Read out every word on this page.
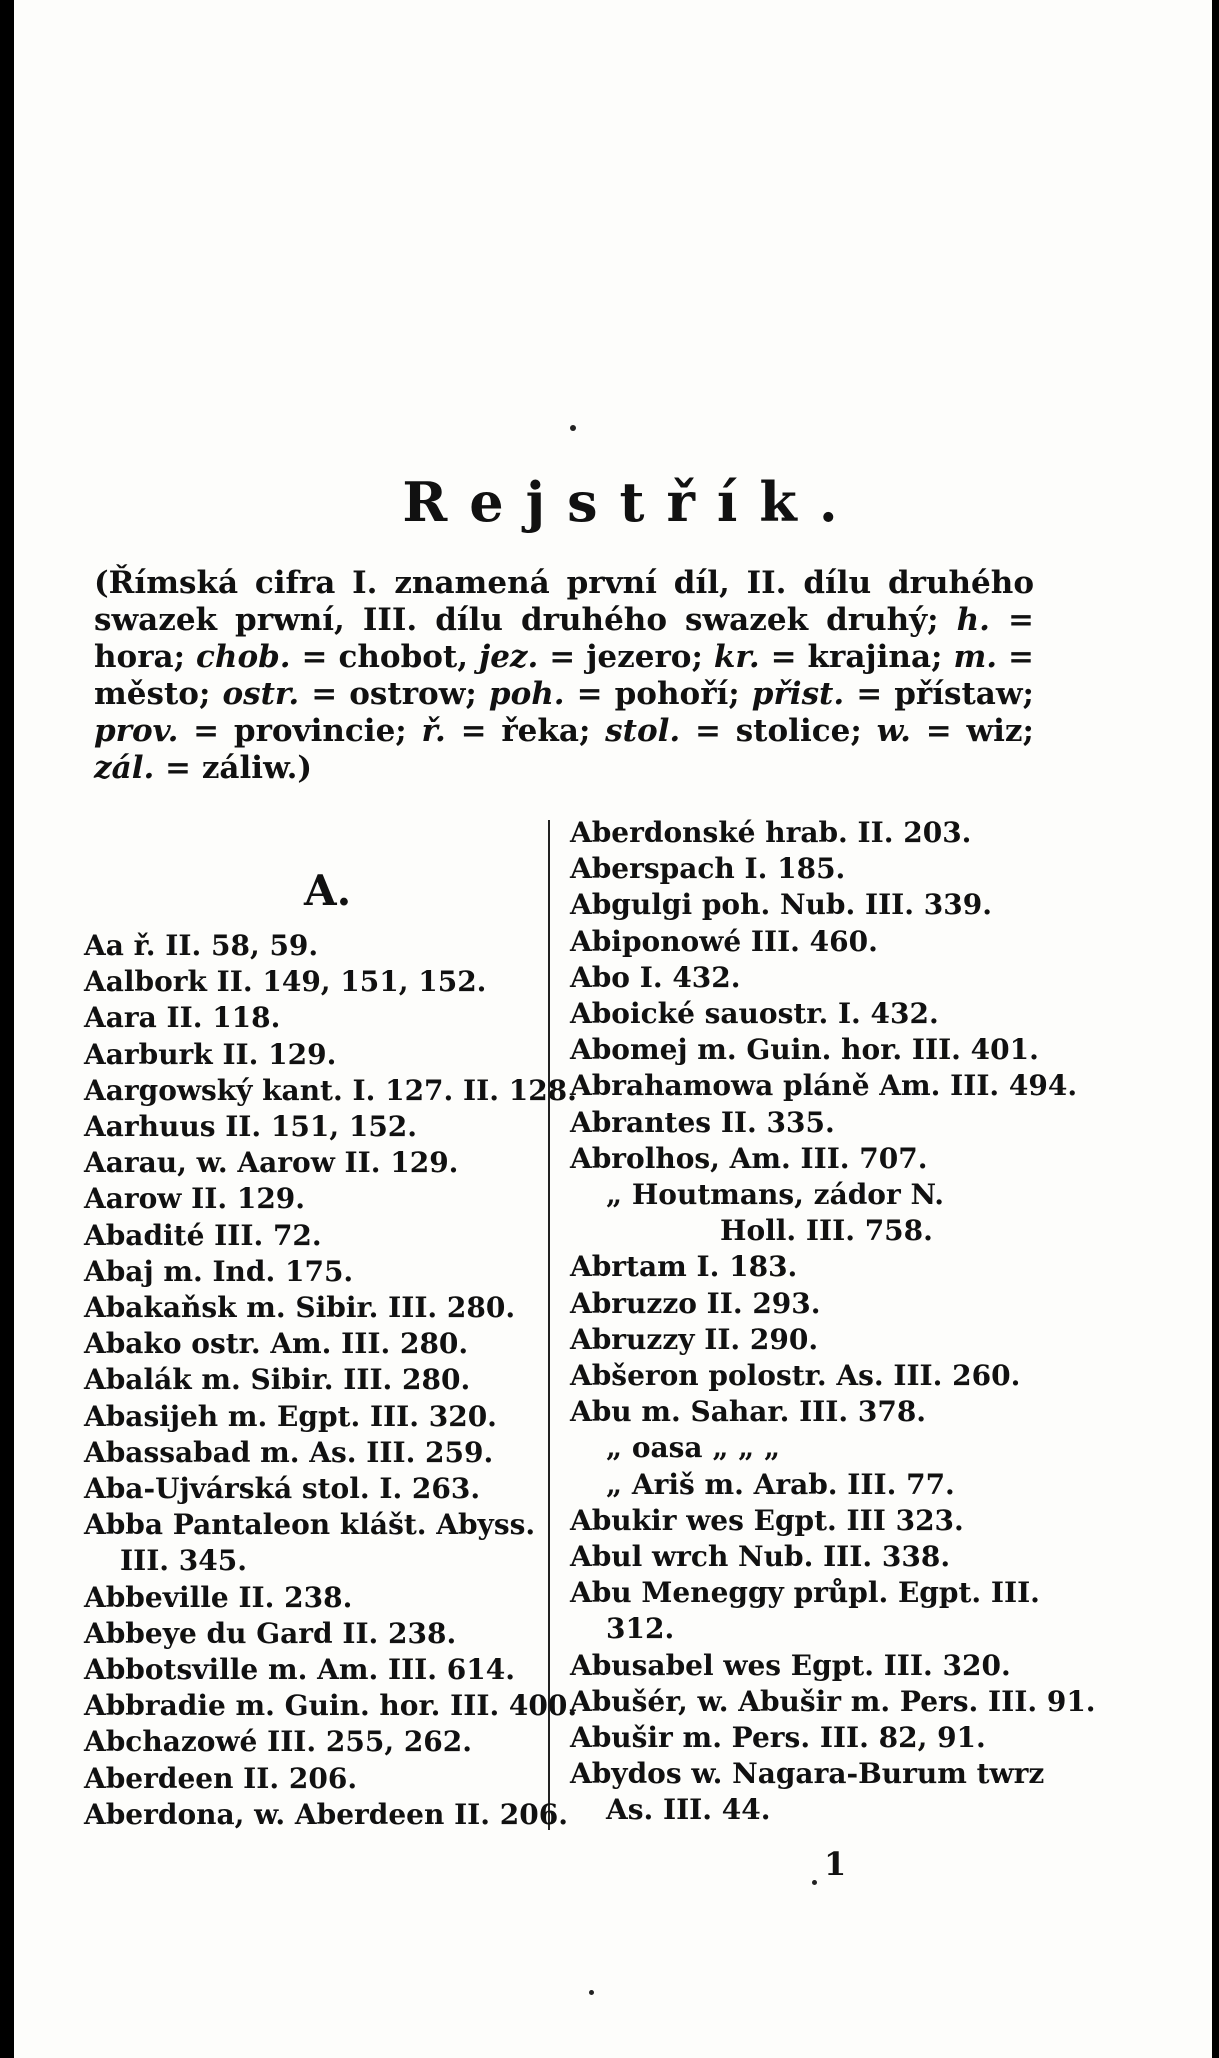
Rejstřík.
(Římská cifra I. znamená první díl, II. dílu druhého swazek prwní, III. dílu druhého swazek druhý; h. = hora; chob. = chobot, jez. = jezero; kr. = krajina; m. = město; ostr. = ostrow; poh. = pohoří; přist. = přístaw; prov. = provincie; ř. = řeka; stol. = stolice; w. = wiz; zál. = záliw.)
A.
Aa ř. II. 58, 59.
Aalbork II. 149, 151, 152.
Aara II. 118.
Aarburk II. 129.
Aargowský kant. I. 127. II. 128.
Aarhuus II. 151, 152.
Aarau, w. Aarow II. 129.
Aarow II. 129.
Abadité III. 72.
Abaj m. Ind. 175.
Abakaňsk m. Sibir. III. 280.
Abako ostr. Am. III. 280.
Abalák m. Sibir. III. 280.
Abasijeh m. Egpt. III. 320.
Abassabad m. As. III. 259.
Aba-Ujvárská stol. I. 263.
Abba Pantaleon klášt. Abyss.
III. 345.
Abbeville II. 238.
Abbeye du Gard II. 238.
Abbotsville m. Am. III. 614.
Abbradie m. Guin. hor. III. 400.
Abchazowé III. 255, 262.
Aberdeen II. 206.
Aberdona, w. Aberdeen II. 206.
Aberdonské hrab. II. 203.
Aberspach I. 185.
Abgulgi poh. Nub. III. 339.
Abiponowé III. 460.
Abo I. 432.
Aboické sauostr. I. 432.
Abomej m. Guin. hor. III. 401.
Abrahamowa pláně Am. III. 494.
Abrantes II. 335.
Abrolhos, Am. III. 707.
„ Houtmans, zádor N.
Holl. III. 758.
Abrtam I. 183.
Abruzzo II. 293.
Abruzzy II. 290.
Abšeron polostr. As. III. 260.
Abu m. Sahar. III. 378.
„ oasa „ „ „
„ Ariš m. Arab. III. 77.
Abukir wes Egpt. III 323.
Abul wrch Nub. III. 338.
Abu Meneggy průpl. Egpt. III.
312.
Abusabel wes Egpt. III. 320.
Abušér, w. Abušir m. Pers. III. 91.
Abušir m. Pers. III. 82, 91.
Abydos w. Nagara-Burum twrz
As. III. 44.
1
